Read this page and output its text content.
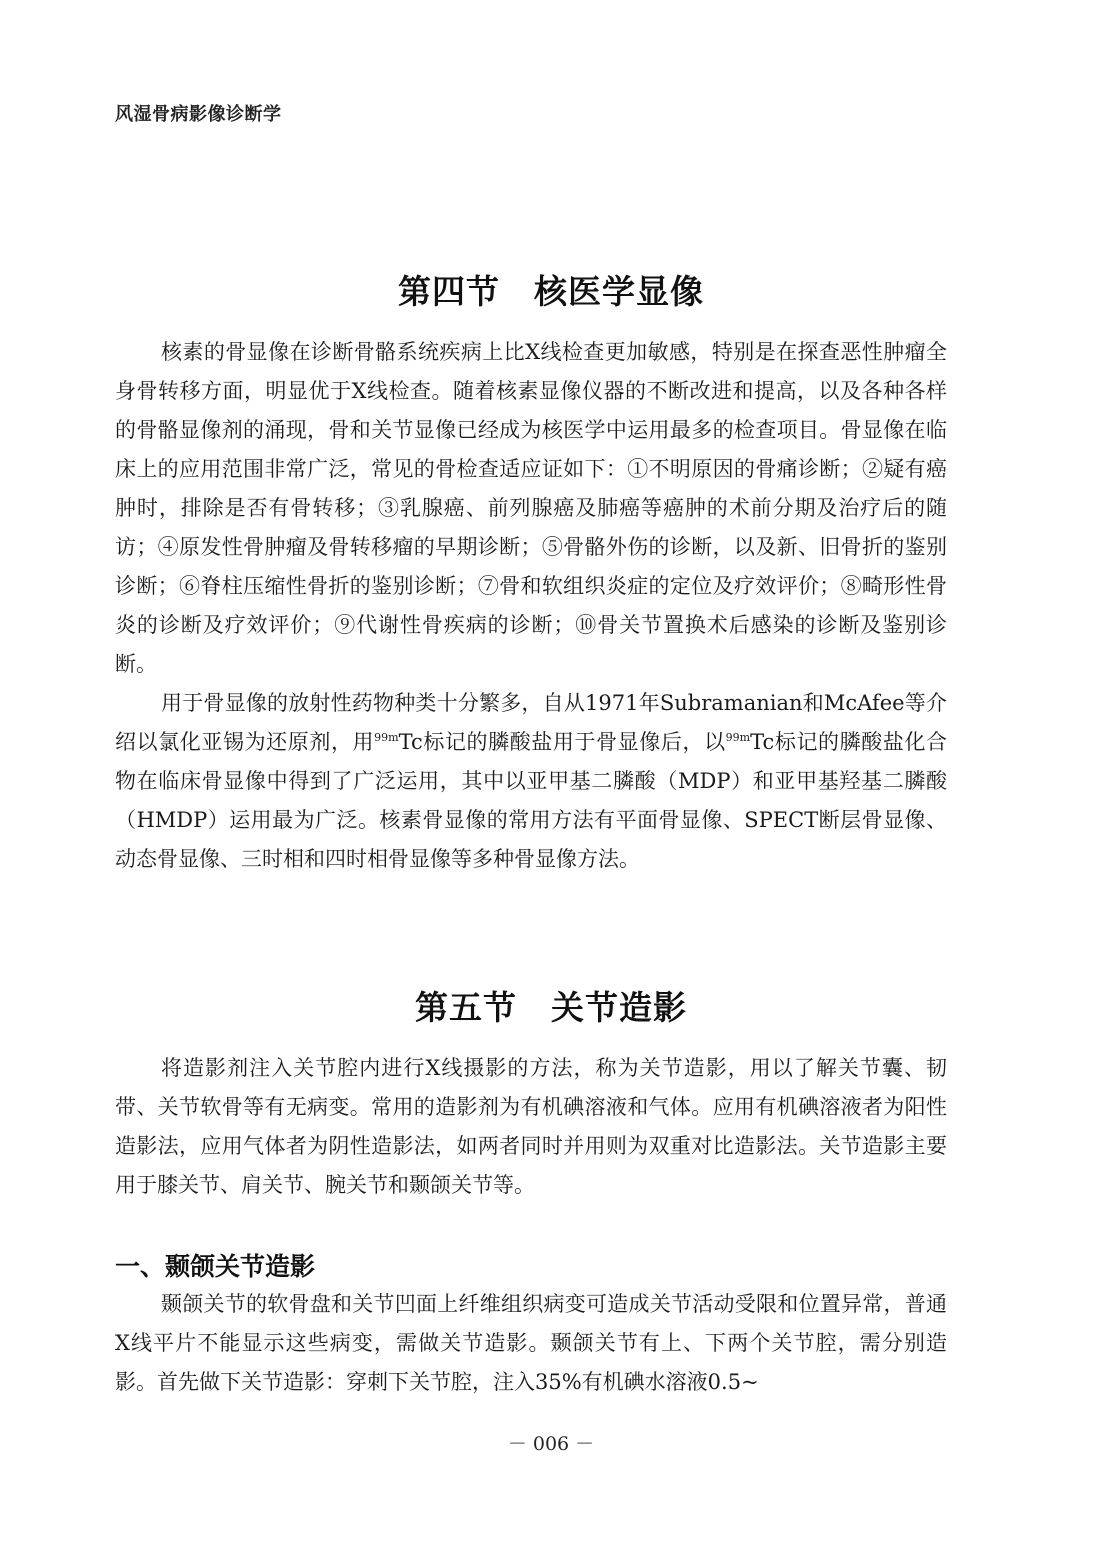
风湿骨病影像诊断学
第四节 核医学显像

核素的骨显像在诊断骨骼系统疾病上比X线检查更加敏感，特别是在探查恶性肿瘤全身骨转移方面，明显优于X线检查。随着核素显像仪器的不断改进和提高，以及各种各样的骨骼显像剂的涌现，骨和关节显像已经成为核医学中运用最多的检查项目。骨显像在临床上的应用范围非常广泛，常见的骨检查适应证如下：①不明原因的骨痛诊断；②疑有癌肿时，排除是否有骨转移；③乳腺癌、前列腺癌及肺癌等癌肿的术前分期及治疗后的随访；④原发性骨肿瘤及骨转移瘤的早期诊断；⑤骨骼外伤的诊断，以及新、旧骨折的鉴别诊断；⑥脊柱压缩性骨折的鉴别诊断；⑦骨和软组织炎症的定位及疗效评价；⑧畸形性骨炎的诊断及疗效评价；⑨代谢性骨疾病的诊断；⑩骨关节置换术后感染的诊断及鉴别诊断。

用于骨显像的放射性药物种类十分繁多，自从1971年Subramanian和McAfee等介绍以氯化亚锡为还原剂，用$^{99m}$Tc标记的膦酸盐用于骨显像后，以$^{99m}$Tc标记的膦酸盐化合物在临床骨显像中得到了广泛运用，其中以亚甲基二膦酸（MDP）和亚甲基羟基二膦酸（HMDP）运用最为广泛。核素骨显像的常用方法有平面骨显像、SPECT断层骨显像、动态骨显像、三时相和四时相骨显像等多种骨显像方法。

第五节 关节造影

将造影剂注入关节腔内进行X线摄影的方法，称为关节造影，用以了解关节囊、韧带、关节软骨等有无病变。常用的造影剂为有机碘溶液和气体。应用有机碘溶液者为阳性造影法，应用气体者为阴性造影法，如两者同时并用则为双重对比造影法。关节造影主要用于膝关节、肩关节、腕关节和颞颌关节等。

一、颞颌关节造影

颞颌关节的软骨盘和关节凹面上纤维组织病变可造成关节活动受限和位置异常，普通X线平片不能显示这些病变，需做关节造影。颞颌关节有上、下两个关节腔，需分别造影。首先做下关节造影：穿刺下关节腔，注入35%有机碘水溶液0.5~

－ 006 －
